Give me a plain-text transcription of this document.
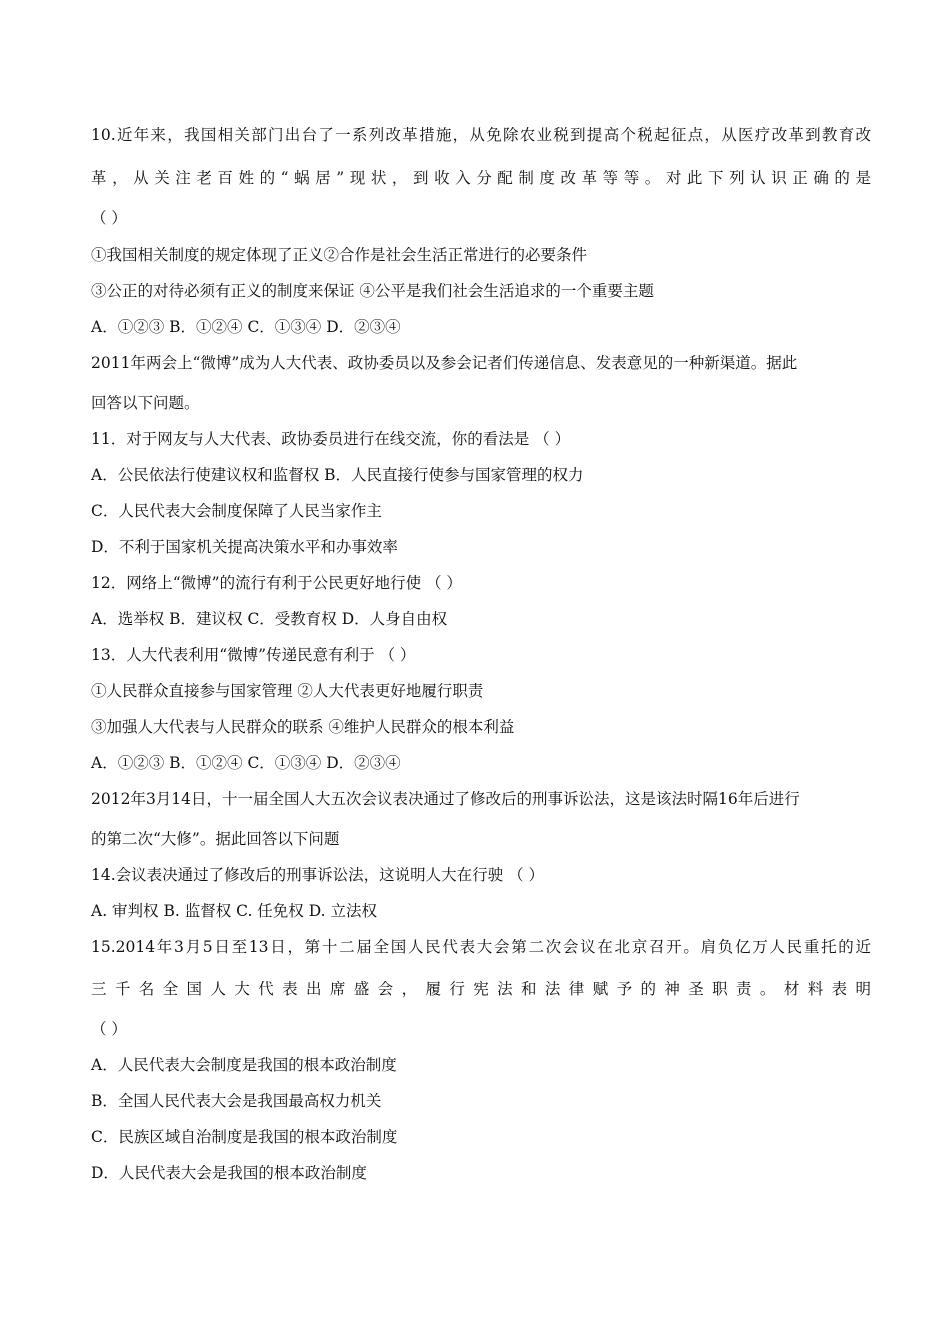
10.近年来，我国相关部门出台了一系列改革措施，从免除农业税到提高个税起征点，从医疗改革到教育改
革，从关注老百姓的“蜗居”现状，到收入分配制度改革等等。对此下列认识正确的是
（ ）
①我国相关制度的规定体现了正义②合作是社会生活正常进行的必要条件
③公正的对待必须有正义的制度来保证 ④公平是我们社会生活追求的一个重要主题
A．①②③ B．①②④ C．①③④ D．②③④
2011年两会上“微博”成为人大代表、政协委员以及参会记者们传递信息、发表意见的一种新渠道。据此
回答以下问题。
11．对于网友与人大代表、政协委员进行在线交流，你的看法是 （ ）
A．公民依法行使建议权和监督权 B．人民直接行使参与国家管理的权力
C．人民代表大会制度保障了人民当家作主
D．不利于国家机关提高决策水平和办事效率
12．网络上“微博”的流行有利于公民更好地行使 （ ）
A．选举权 B．建议权 C．受教育权 D．人身自由权
13．人大代表利用“微博”传递民意有利于 （ ）
①人民群众直接参与国家管理 ②人大代表更好地履行职责
③加强人大代表与人民群众的联系 ④维护人民群众的根本利益
A．①②③ B．①②④ C．①③④ D．②③④
2012年3月14日，十一届全国人大五次会议表决通过了修改后的刑事诉讼法，这是该法时隔16年后进行
的第二次“大修”。据此回答以下问题
14.会议表决通过了修改后的刑事诉讼法，这说明人大在行驶 （ ）
A. 审判权 B. 监督权 C. 任免权 D. 立法权
15.2014年3月5日至13日，第十二届全国人民代表大会第二次会议在北京召开。肩负亿万人民重托的近
三千名全国人大代表出席盛会，履行宪法和法律赋予的神圣职责。材料表明
（ ）
A．人民代表大会制度是我国的根本政治制度
B．全国人民代表大会是我国最高权力机关
C．民族区域自治制度是我国的根本政治制度
D．人民代表大会是我国的根本政治制度
